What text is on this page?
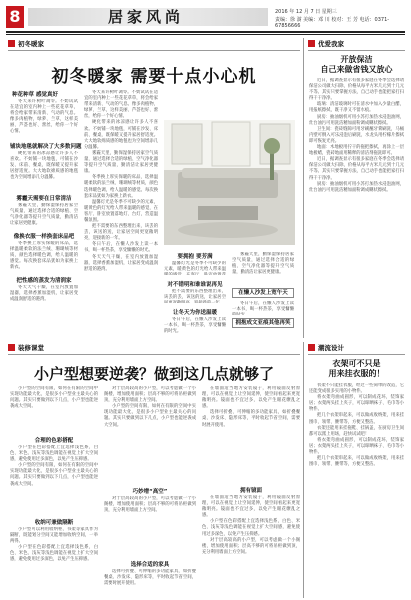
8	居家风尚	2016 年 12 月 7 日 星期三
责编：徐 澍 美编：邓 川 校对：王 芳 电话：0371-67856666
初冬暖家
初冬暖家 需要十点小心机
种花种草 感觉真好

冬天来许树叶凋零。不妨试试在适宜的室内种上一些花花草草，将会给家带来清新、气动的气息。像多肉植物，绿萝、兰草，这样美丽、芦荟也好、蕾丝，给你一个好心情。

铺块地毯就解决了大多数问题

硬化带来的冰凉感让许多人不喜欢。不妨铺一块地毯，可铺在沙发、床前、餐桌，既保暖又提升家居舒适度。大大地软绵质感的地毯也为空间增添几分温馨。

雾霾天需要在日常清洁

雾霾天里，勤保湿保持居家空气质量，通过选择合适的绿植、空气净化器等提升空气质量，勤清洁让家居更健康。

像换衣服一样换套床品吧

冬季换上厚实保暖的床品，选择温暖柔软的法兰绒、珊瑚绒等材质，颜色选择暖色调，给人温暖的感觉。每次换套床品犹如为家换上新衣。

把性感的蒸发为清润家

冬天天气干燥，在室内放置加湿器，选择香薰加湿机，让家居变成温润舒适的港湾。

冬天来许树叶凋零。不妨试试在适宜的室内种上一些花花草草，将会给家带来清新、气动的气息。像多肉植物，绿萝、兰草，这样美丽、芦荟也好、蕾丝，给你一个好心情。

硬化带来的冰凉感让许多人不喜欢。不妨铺一块地毯，可铺在沙发、床前、餐桌，既保暖又提升家居舒适度。大大地软绵质感的地毯也为空间增添几分温馨。

雾霾天里，勤保湿保持居家空气质量，通过选择合适的绿植、空气净化器等提升空气质量，勤清洁让家居更健康。

冬季换上厚实保暖的床品，选择温暖柔软的法兰绒、珊瑚绒等材质，颜色选择暖色调，给人温暖的感觉。每次换套床品犹如为家换上新衣。

温馨灯光是冬季不可缺少的元素，暖黄色的灯光给人带来温暖的感觉，在客厅、卧室放置落地灯、台灯，营造温馨氛围。

把不需要的东西整理出来，该丢的丢，该送的送，让家居空间更宽敞明亮，迎接新的一年。

冬日午后，在懒人沙发上读一本书，喝一杯热茶，享受慵懒的时光。

冬天天气干燥，在室内放置加湿器，选择香薰加湿机，让家居变成温润舒适的港湾。

要拥抱 要芳满

温馨灯光是冬季不可缺少的元素，暖黄色的灯光给人带来温

对不错明和谁谁说再见

把不需要的东西整理出来，该丢的丢，该送的送，让家居空

让冬天为你送温暖

冬日午后，在懒人沙发上读一本书，喝一杯热茶，享受慵懒的时光。

雾霾天里，勤保湿保持居家空气质量，通过选择合适的绿植、空气净化器等提升空气质量，勤清洁让家居更健康。

在懒人沙发上宽午天

冬日午后，在懒人沙发上读一本书，喝一杯热茶，享受慵懒

拥抱成文亚痕其他再笑
优爱我家
开放保洁
自己来做省钱又放心

近日，据调查显示有很多家庭在冬季会选择请保洁公司做大扫除，价格从每平方米几元到十几元不等。其实只要掌握方法，自己动手也能把家打扫得干干净净。

玻璃：清洁玻璃时可在清水中加入少量白醋，用报纸擦拭，既干净又不留水痕。

厨房：抽油烟机可用小苏打加热水浸泡油网，灶台油污可用洗洁精加面粉调成糊状擦拭。

卫生间：瓷砖缝隙可用牙刷蘸牙膏刷洗，马桶内壁可倒入可乐浸泡后刷洗，水龙头用柠檬片擦拭即可恢复光亮。

地面：木地板用拧干的拖把擦拭，再涂上一层地板蜡，瓷砖地面用稀释的清洁剂拖洗即可。

近日，据调查显示有很多家庭在冬季会选择请保洁公司做大扫除，价格从每平方米几元到十几元不等。其实只要掌握方法，自己动手也能把家打扫得干干净净。

厨房：抽油烟机可用小苏打加热水浸泡油网，灶台油污可用洗洁精加面粉调成糊状擦拭。

装修课堂
小户型想要逆袭？做到这几点就够了

小户型的空间有限，如何在有限的空间中实现功能最大化，是很多小户型业主最关心的问题。其实只要做到以下几点，小户型也能逆袭成大空间。

合理的色彩搭配

小户型在色彩搭配上宜选择浅色系，白色、米色、浅灰等浅色调能在视觉上扩大空间感，避免使用过多深色，以免产生压抑感。

小户型的空间有限，如何在有限的空间中实现功能最大化，是很多小户型业主最关心的问题。其实只要做到以下几点，小户型也能逆袭成大空间。

收纳可兼做隔断

小户型可以利用收纳柜、书架等家具作为隔断，既能划分空间又能增加收纳空间，一举两得。

小户型在色彩搭配上宜选择浅色系，白色、米色、浅灰等浅色调能在视觉上扩大空间感，避免使用过多深色，以免产生压抑感。

对于层高较高的小户型，可以考虑做一个小阁楼，增加使用面积；层高不够的可将吊柜做到顶，充分利用墙面上方空间。

小户型的空间有限，如何在有限的空间中实现功能最大化，是很多小户型业主最关心的问题。其实只要做到以下几点，小户型也能逆袭成大空间。

巧妙增“高空”

对于层高较高的小户型，可以考虑做一个小阁楼，增加使用面积；层高不够的可将吊柜做到顶，充分利用墙面上方空间。

选择合适的家具

选择可折叠、可伸缩的多功能家具，如折叠餐桌、沙发床、隐形床等，平时收起节省空间，需要时展开使用。

在墙面适当地方安装镜子，利用镜面反射原理，可以在视觉上让空间延伸，使空间看起来更宽敞明亮。镜面也不宜过多，以免产生眼花缭乱之感。

选择可折叠、可伸缩的多功能家具，如折叠餐桌、沙发床、隐形床等，平时收起节省空间，需要时展开使用。

拥有镜面

在墙面适当地方安装镜子，利用镜面反射原理，可以在视觉上让空间延伸，使空间看起来更宽敞明亮。镜面也不宜过多，以免产生眼花缭乱之感。

小户型在色彩搭配上宜选择浅色系，白色、米色、浅灰等浅色调能在视觉上扩大空间感，避免使用过多深色，以免产生压抑感。

对于层高较高的小户型，可以考虑做一个小阁楼，增加使用面积；层高不够的可将吊柜做到顶，充分利用墙面上方空间。

潮流设计
衣架可不只是
用来挂衣服的！

衣架不只能挂衣服，经过一些简单的改造，它还能变成很多实用的小物件。

将衣架弯曲成圆形，可以制成花环，装饰家居；衣架两头挂上夹子，可以晾晒袜子、毛巾等小物件。

把几个衣架串起来，可以做成收纳架，用来挂围巾、领带、腰带等，方便又整洁。

衣架还能用来挂拖鞋、挂锅盖，在厨房卫生间都可以派上用场，赶快试试吧！

将衣架弯曲成圆形，可以制成花环，装饰家居；衣架两头挂上夹子，可以晾晒袜子、毛巾等小物件。

把几个衣架串起来，可以做成收纳架，用来挂围巾、领带、腰带等，方便又整洁。
